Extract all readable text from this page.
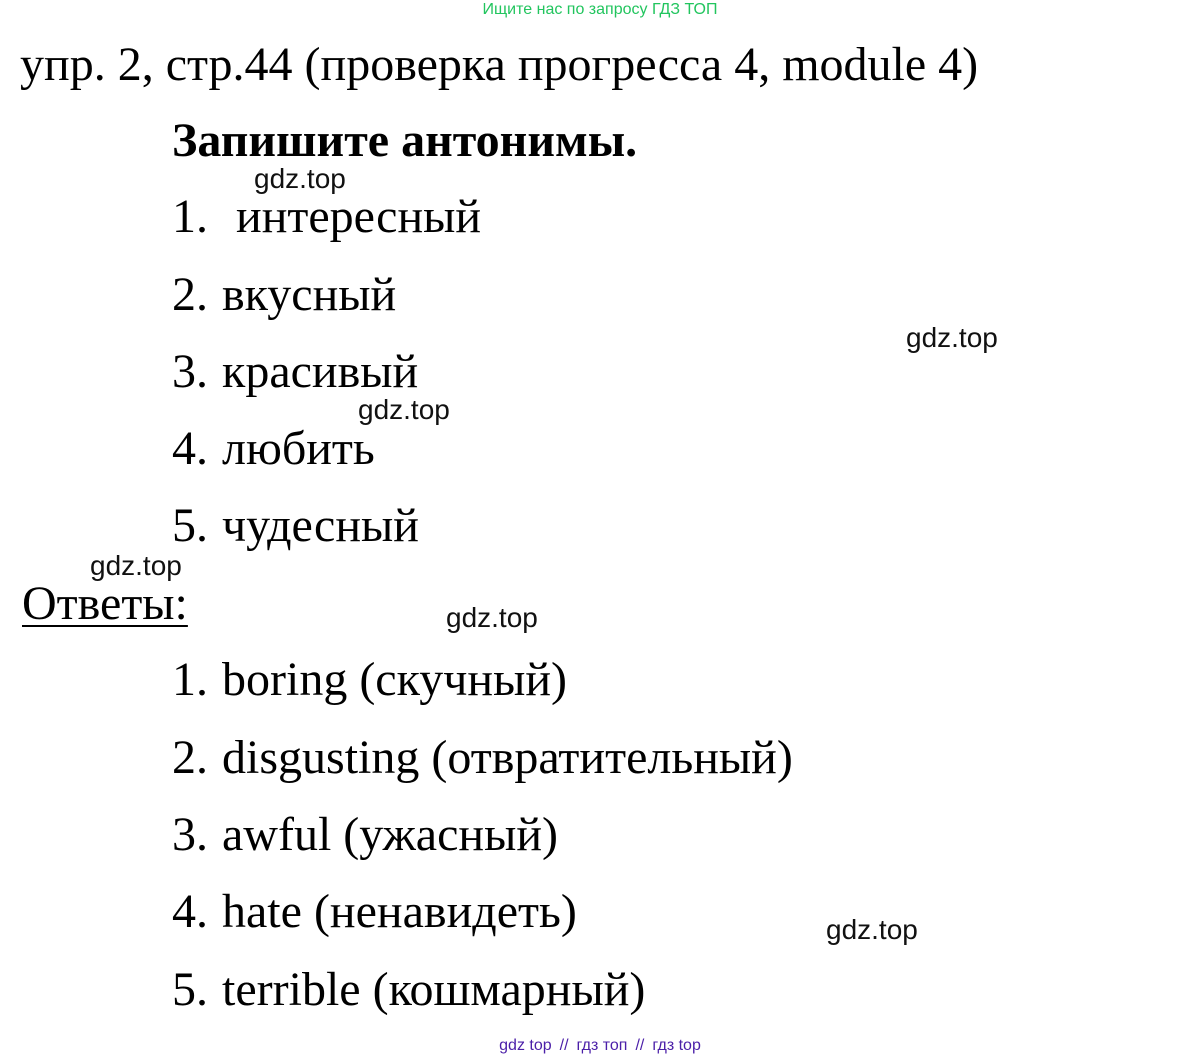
Ищите нас по запросу ГДЗ ТОП
упр. 2, стр.44 (проверка прогресса 4, module 4)
Запишите антонимы.
1. интересный
2. вкусный
3. красивый
4. любить
5. чудесный
Ответы:
1. boring (скучный)
2. disgusting (отвратительный)
3. awful (ужасный)
4. hate (ненавидеть)
5. terrible (кошмарный)
gdz.top
gdz.top
gdz.top
gdz.top
gdz.top
gdz.top
gdz top // гдз топ // гдз top
